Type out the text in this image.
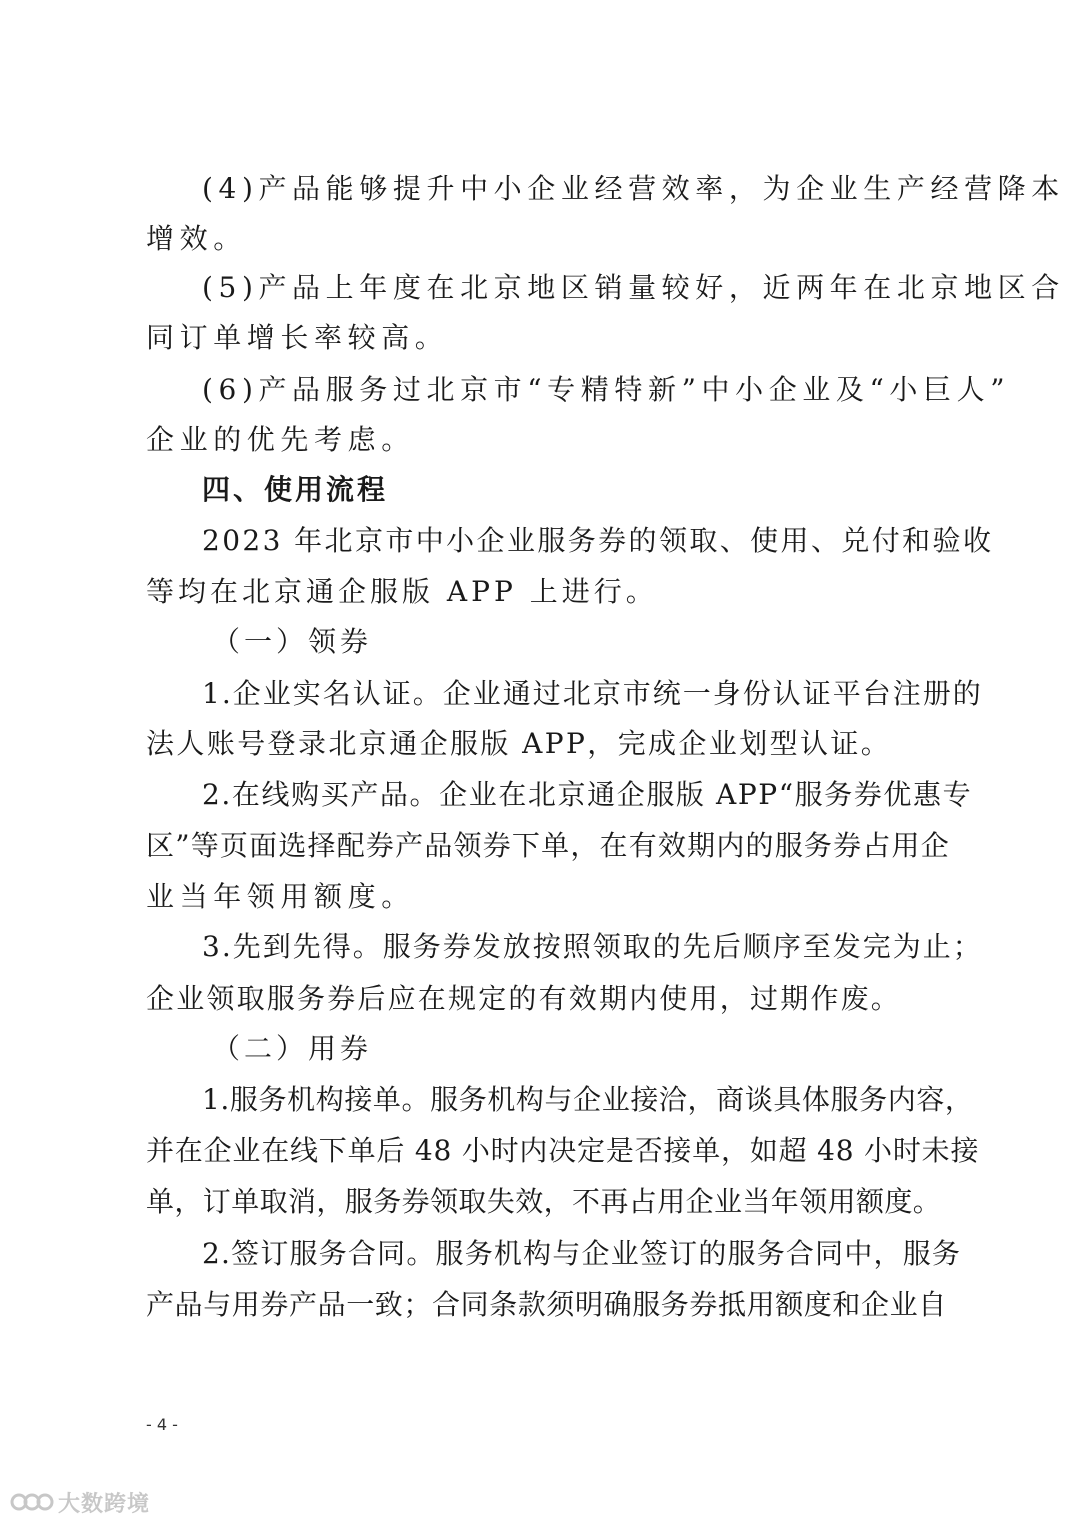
(4)产品能够提升中小企业经营效率，为企业生产经营降本
增效。
(5)产品上年度在北京地区销量较好，近两年在北京地区合
同订单增长率较高。
(6)产品服务过北京市“专精特新”中小企业及“小巨人”
企业的优先考虑。
四、使用流程
2023 年北京市中小企业服务券的领取、使用、兑付和验收
等均在北京通企服版 APP 上进行。
（一）领券
1.企业实名认证。企业通过北京市统一身份认证平台注册的
法人账号登录北京通企服版 APP，完成企业划型认证。
2.在线购买产品。企业在北京通企服版 APP“服务券优惠专
区”等页面选择配券产品领券下单，在有效期内的服务券占用企
业当年领用额度。
3.先到先得。服务券发放按照领取的先后顺序至发完为止；
企业领取服务券后应在规定的有效期内使用，过期作废。
（二）用券
1.服务机构接单。服务机构与企业接洽，商谈具体服务内容，
并在企业在线下单后 48 小时内决定是否接单，如超 48 小时未接
单，订单取消，服务券领取失效，不再占用企业当年领用额度。
2.签订服务合同。服务机构与企业签订的服务合同中，服务
产品与用券产品一致；合同条款须明确服务券抵用额度和企业自
- 4 -
大数跨境
